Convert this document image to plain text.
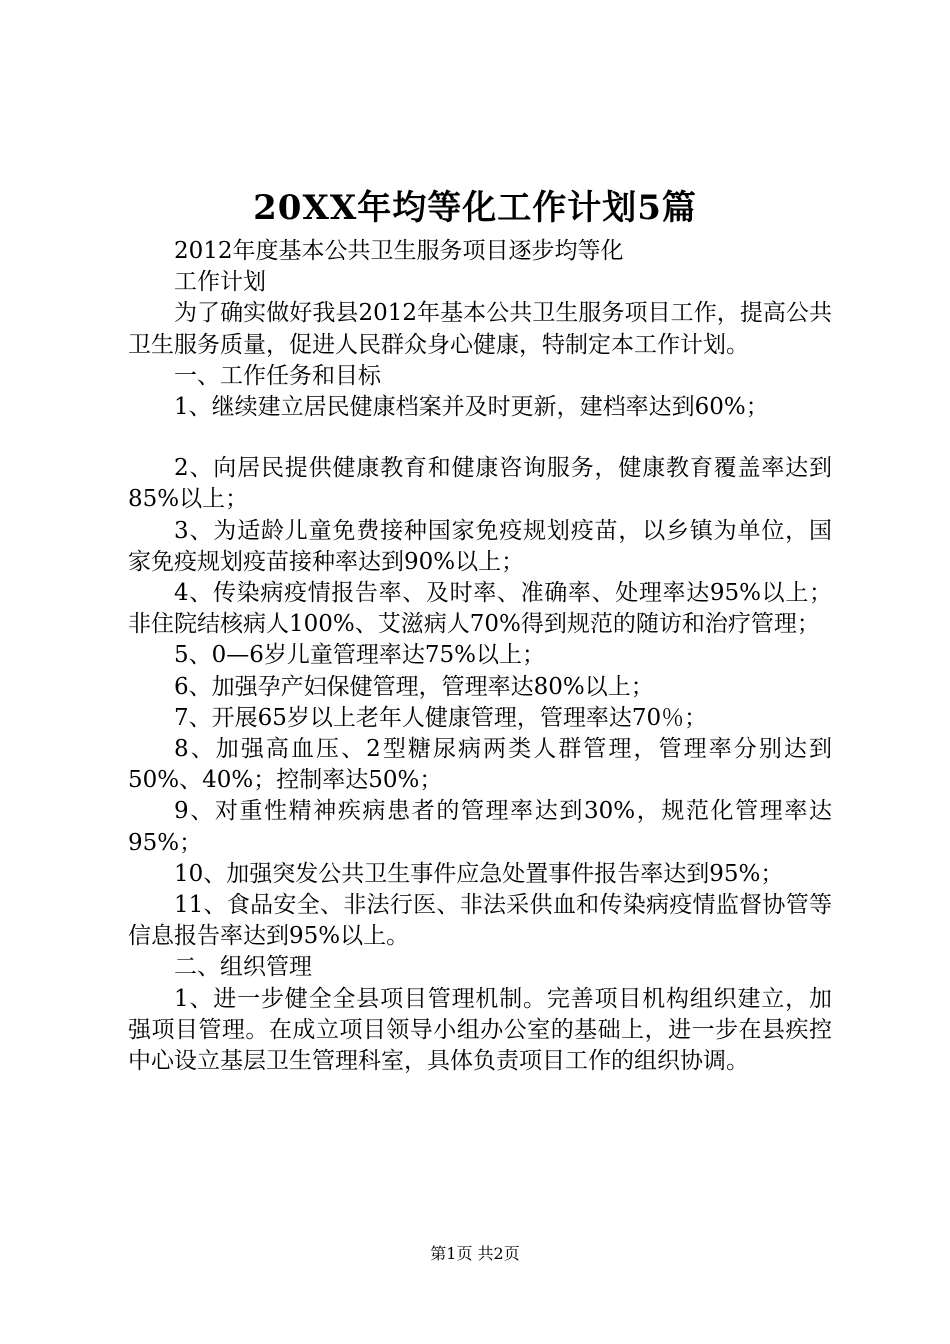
20XX年均等化工作计划5篇

2012年度基本公共卫生服务项目逐步均等化

工作计划

为了确实做好我县2012年基本公共卫生服务项目工作，提高公共卫生服务质量，促进人民群众身心健康，特制定本工作计划。

一、工作任务和目标

1、继续建立居民健康档案并及时更新，建档率达到60%；

2、向居民提供健康教育和健康咨询服务，健康教育覆盖率达到85%以上；

3、为适龄儿童免费接种国家免疫规划疫苗，以乡镇为单位，国家免疫规划疫苗接种率达到90%以上；

4、传染病疫情报告率、及时率、准确率、处理率达95%以上；非住院结核病人100%、艾滋病人70%得到规范的随访和治疗管理；

5、0—6岁儿童管理率达75%以上；

6、加强孕产妇保健管理，管理率达80%以上；

7、开展65岁以上老年人健康管理，管理率达70％；

8、加强高血压、2型糖尿病两类人群管理，管理率分别达到50%、40%；控制率达50%；

9、对重性精神疾病患者的管理率达到30%，规范化管理率达95%；

10、加强突发公共卫生事件应急处置事件报告率达到95%；

11、食品安全、非法行医、非法采供血和传染病疫情监督协管等信息报告率达到95%以上。

二、组织管理

1、进一步健全全县项目管理机制。完善项目机构组织建立，加强项目管理。在成立项目领导小组办公室的基础上，进一步在县疾控中心设立基层卫生管理科室，具体负责项目工作的组织协调。

第1页 共2页
